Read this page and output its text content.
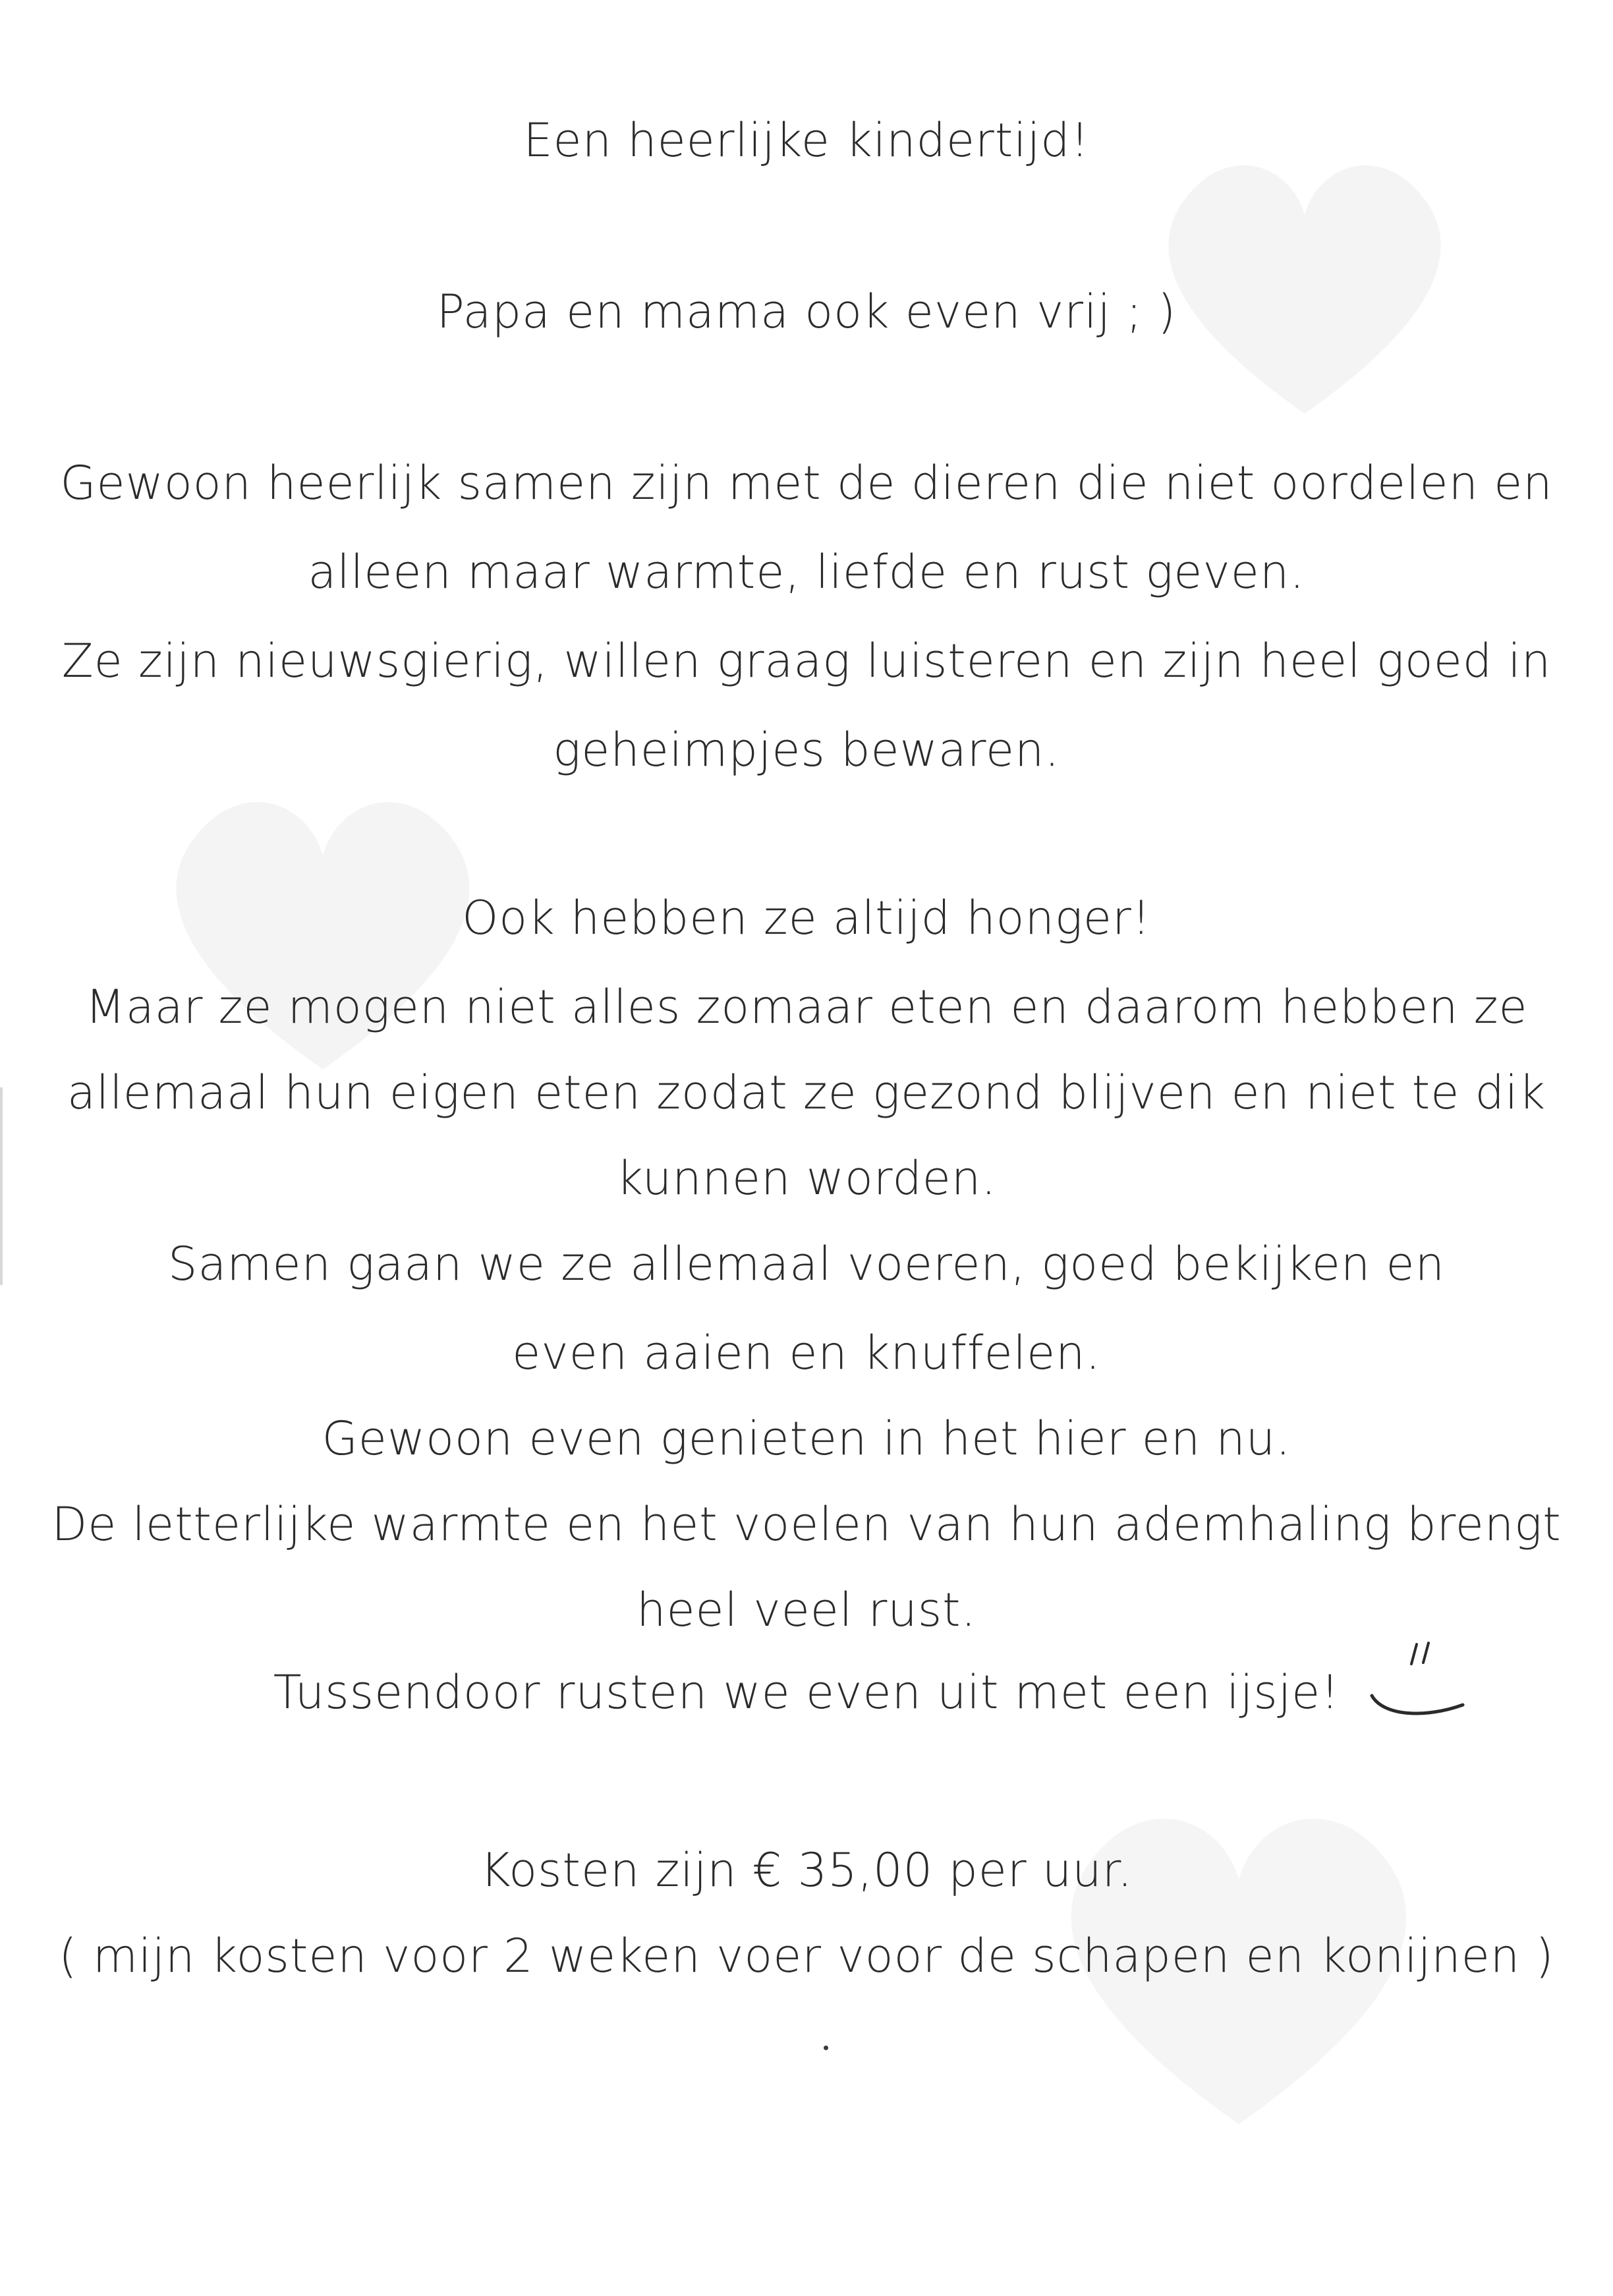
Een heerlijke kindertijd!
Papa en mama ook even vrij ; )
Gewoon heerlijk samen zijn met de dieren die niet oordelen en
alleen maar warmte, liefde en rust geven.
Ze zijn nieuwsgierig, willen graag luisteren en zijn heel goed in
geheimpjes bewaren.
Ook hebben ze altijd honger!
Maar ze mogen niet alles zomaar eten en daarom hebben ze
allemaal hun eigen eten zodat ze gezond blijven en niet te dik
kunnen worden.
Samen gaan we ze allemaal voeren, goed bekijken en
even aaien en knuffelen.
Gewoon even genieten in het hier en nu.
De letterlijke warmte en het voelen van hun ademhaling brengt
heel veel rust.
Tussendoor rusten we even uit met een ijsje!
Kosten zijn € 35,00 per uur.
( mijn kosten voor 2 weken voer voor de schapen en konijnen )
